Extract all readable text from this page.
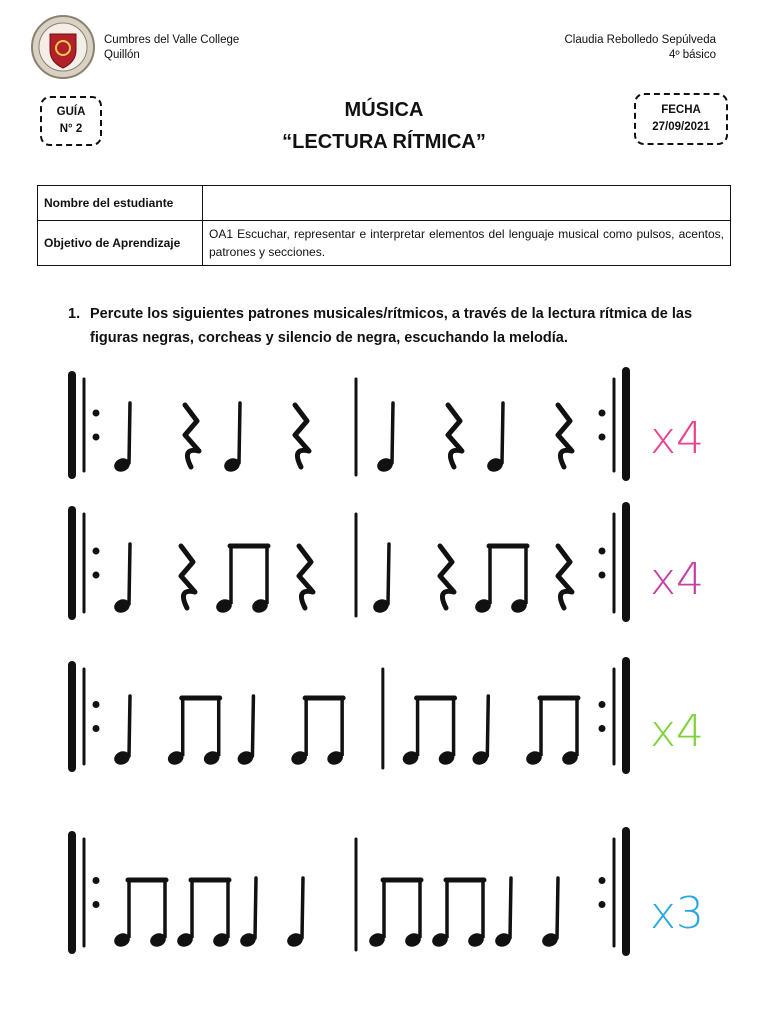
Cumbres del Valle College
Quillón
Claudia Rebolledo Sepúlveda
4º básico
GUÍA
N° 2
MÚSICA
“LECTURA RÍTMICA”
FECHA
27/09/2021
Nombre del estudiante	
Objetivo de Aprendizaje	OA1 Escuchar, representar e interpretar elementos del lenguaje musical como pulsos, acentos, patrones y secciones.
1. Percute los siguientes patrones musicales/rítmicos, a través de la lectura rítmica de las figuras negras, corcheas y silencio de negra, escuchando la melodía.
x4
x4
x4
x3
